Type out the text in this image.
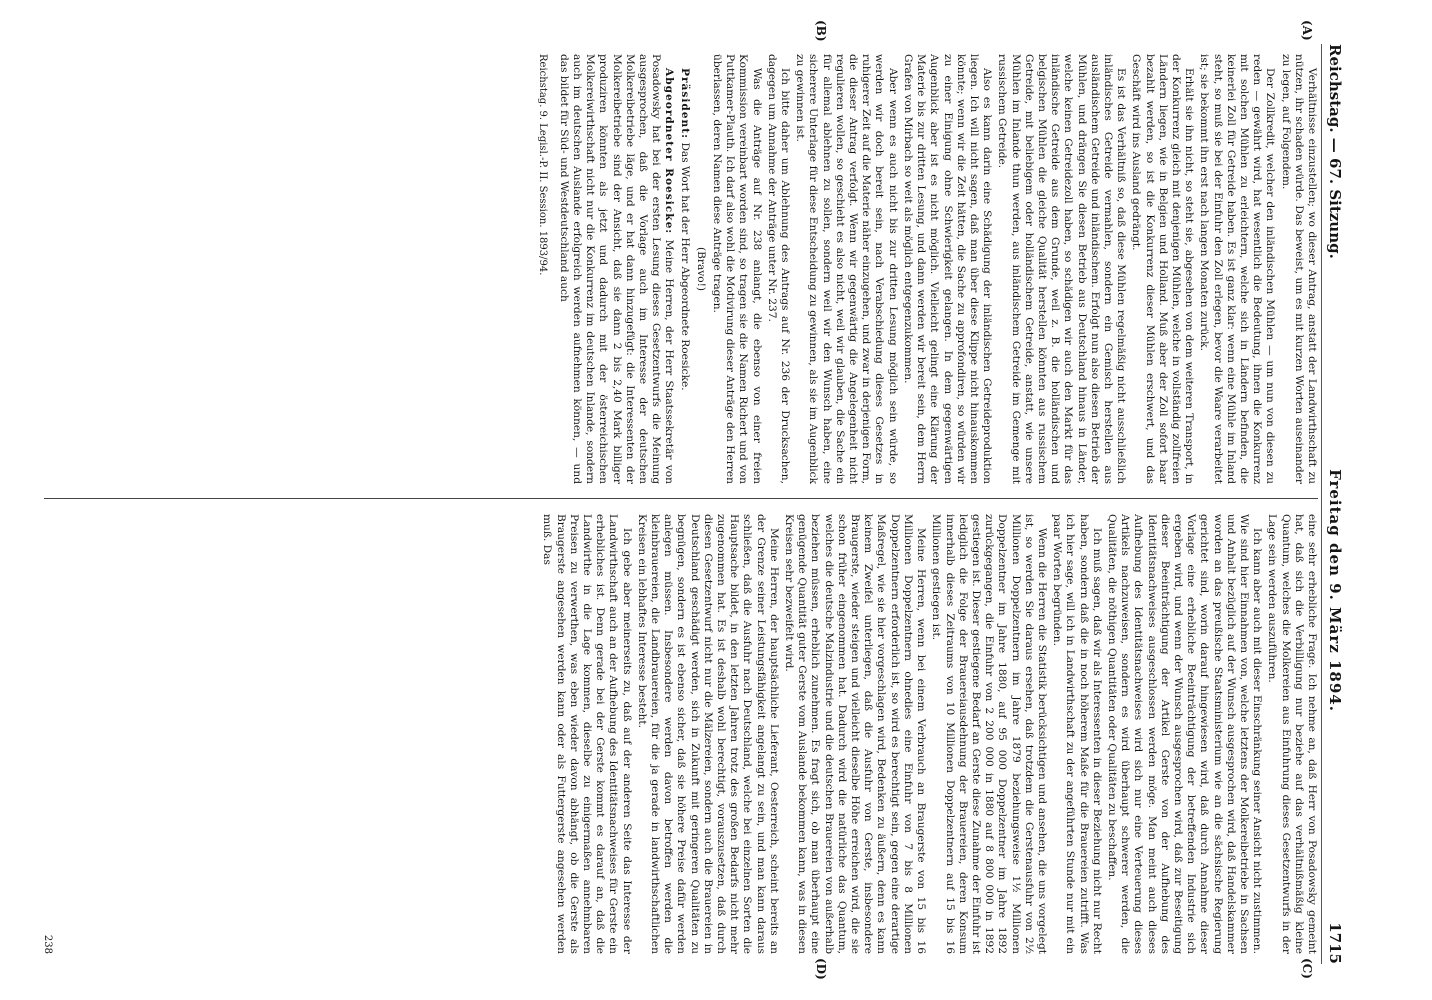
Reichstag. — 67. Sitzung.
Freitag den 9. März 1894.
1715
(A)
(B)
(C)
(D)

Verhältnisse einzustellen; wo dieser Antrag, anstatt der Landwirthschaft zu nützen, ihr schaden würde. Das beweist, um es mit kurzen Worten auseinander zu legen, auf Folgendem.

Der Zollkredit, welcher den inländischen Mühlen — um nun von diesen zu reden — gewährt wird, hat wesentlich die Bedeutung, ihnen die Konkurrenz mit solchen Mühlen zu erleichtern, welche sich in Ländern befinden, die keinerlei Zoll für Getreide haben. Es ist ganz klar: wenn eine Mühle im Inland steht, so muß sie bei der Einfuhr den Zoll erlegen, bevor die Waare verarbeitet ist; sie bekommt ihn erst nach langen Monaten zurück.

Erhält sie ihn nicht, so steht sie, abgesehen von dem weiteren Transport, in der Konkurrenz gleich mit denjenigen Mühlen, welche in vollständig zollfreien Ländern liegen, wie in Belgien und Holland. Muß aber der Zoll sofort baar bezahlt werden, so ist die Konkurrenz dieser Mühlen erschwert, und das Geschäft wird ins Ausland gedrängt.

Es ist das Verhältniß so, daß diese Mühlen regelmäßig nicht ausschließlich inländisches Getreide vermahlen, sondern ein Gemisch herstellen aus ausländischem Getreide und inländischem. Erfolgt nun also diesen Betrieb der Mühlen, und drängen Sie diesen Betrieb aus Deutschland hinaus in Länder, welche keinen Getreidezoll haben, so schädigen wir auch den Markt für das inländische Getreide aus dem Grunde, weil z. B. die holländischen und belgischen Mühlen die gleiche Qualität herstellen könnten aus russischem Getreide, mit beliebigem oder holländischem Getreide, anstatt, wie unsere Mühlen im Inlande thun werden, aus inländischem Getreide im Gemenge mit russischem Getreide.

Also es kann darin eine Schädigung der inländischen Getreideproduktion liegen. Ich will nicht sagen, daß man über diese Klippe nicht hinauskommen könnte; wenn wir die Zeit hätten, die Sache zu approfondiren, so würden wir zu einer Einigung ohne Schwierigkeit gelangen. In dem gegenwärtigen Augenblick aber ist es nicht möglich. Vielleicht gelingt eine Klärung der Materie bis zur dritten Lesung, und dann werden wir bereit sein, dem Herrn Grafen von Mirbach so weit als möglich entgegenzukommen.

Aber wenn es auch nicht bis zur dritten Lesung möglich sein würde, so werden wir doch bereit sein, nach Verabschiedung dieses Gesetzes in ruhigerer Zeit auf die Materie näher einzugehen, und zwar in derjenigen Form, die dieser Antrag verfolgt. Wenn wir gegenwärtig die Angelegenheit nicht regulieren wollen, so geschieht es also nicht, weil wir glauben, die Sache ein für allemal ablehnen zu sollen, sondern weil wir den Wunsch haben, eine sicherere Unterlage für diese Entscheidung zu gewinnen, als sie im Augenblick zu gewinnen ist.

Ich bitte daher um Ablehnung des Antrags auf Nr. 236 der Drucksachen, dagegen um Annahme der Anträge unter Nr. 237.

Was die Anträge auf Nr. 238 anlangt, die ebenso von einer freien Kommission vereinbart worden sind, so tragen sie die Namen Richert und von Puttkamer-Plauth. Ich darf also wohl die Motivirung dieser Anträge den Herren überlassen, deren Namen diese Anträge tragen.

(Bravo!)

Präsident: Das Wort hat der Herr Abgeordnete Roesicke.

Abgeordneter Roesicke: Meine Herren, der Herr Staatssekretär von Posadowsky hat bei der ersten Lesung dieses Gesetzentwurfs die Meinung ausgesprochen, daß die Vorlage auch im Interesse der deutschen Molkereibetriebe läge, und er hat dann hinzugefügt: die Interessenten der Molkereibetriebe sind der Ansicht, daß sie dann 2 bis 2,40 Mark billiger produziren könnten als jetzt und dadurch mit der österreichischen Molkereiwirthschaft nicht nur die Konkurrenz im deutschen Inlande, sondern auch im deutschen Auslande erfolgreich werden aufnehmen können, — und das bildet für Süd- und Westdeutschland auch

Reichstag. 9. Legisl.-P. II. Session. 1893/94.

eine sehr erhebliche Frage. Ich nehme an, daß Herr von Posadowsky gemeint hat, daß sich die Verbilligung nur beziehe auf das verhältnißmäßig kleine Quantum, welches die Molkereien aus Einfuhrung dieses Gesetzentwurfs in der Lage sein werden auszuführen.

Ich kann aber auch mit dieser Einschränkung seiner Ansicht nicht zustimmen. Wie sind hier Einnahmen von, welche letztens der Molkereibetriebe in Sachsen und Anhalt bezüglich auf der Wunsch ausgesprochen wird, daß Handelskammer worden an das preußische Staatsministerium wie an die sächsische Regierung gerichtet sind, worin darauf hingewiesen wird, daß durch Annahme dieser Vorlage eine erhebliche Beeinträchtigung der betreffenden Industrie sich ergeben wird, und wenn der Wunsch ausgesprochen wird, daß zur Beseitigung dieser Beeinträchtigung der Artikel Gerste von der Aufhebung des Identitätsnachweises ausgeschlossen werden möge. Man meint auch dieses Aufhebung des Identitätsnachweises wird sich nur eine Verteuerung dieses Artikels nachzuweisen, sondern es wird überhaupt schwerer werden, die Qualitäten, die nöthigen Quantitäten oder Qualitäten zu beschaffen.

Ich muß sagen, daß wir als Interessenten in dieser Beziehung nicht nur Recht haben, sondern daß die in noch höherem Maße für die Brauereien zutrifft. Was ich hier sage, will ich in Landwirthschaft zu der angeführten Stunde nur mit ein paar Worten begründen.

Wenn die Herren die Statistik berücksichtigen und ansehen, die uns vorgelegt ist, so werden Sie daraus ersehen, daß trotzdem die Gerstenausfuhr von 2½ Millionen Doppelzentnern im Jahre 1879 beziehungsweise 1½ Millionen Doppelzentner im Jahre 1880, auf 95 000 Doppelzentner im Jahre 1892 zurückgegangen, die Einfuhr von 2 200 000 in 1880 auf 8 800 000 in 1892 gestiegen ist. Dieser gestiegene Bedarf an Gerste diese Zunahme der Einfuhr ist lediglich die Folge der Brauereiausdehnung der Brauereien, deren Konsum innerhalb dieses Zeitraums von 10 Millionen Doppelzentnern auf 15 bis 16 Millionen gestiegen ist.

Meine Herren, wenn bei einem Verbrauch an Braugerste von 15 bis 16 Millionen Doppelzentnern ohnedies eine Einfuhr von 7 bis 8 Millionen Doppelzentnern erforderlich ist, so wird es berechtigt sein, gegen eine derartige Maßregel, wie sie hier vorgeschlagen wird, Bedenken zu äußern, denn es kann keinem Zweifel unterliegen, daß die Ausfuhr von Gerste, insbesondere Braugerste, wieder steigen und vielleicht dieselbe Höhe erreichen wird, die sie schon früher eingenommen hat. Dadurch wird die natürliche das Quantum, welches die deutsche Malzindustrie und die deutschen Brauereien von außerhalb beziehen müssen, erheblich zunehmen. Es fragt sich, ob man überhaupt eine genügende Quantität guter Gerste vom Auslande bekommen kann, was in diesen Kreisen sehr bezweifelt wird.

Meine Herren, der hauptsächliche Lieferant, Oesterreich, scheint bereits an der Grenze seiner Leistungsfähigkeit angelangt zu sein, und man kann daraus schließen, daß die Ausfuhr nach Deutschland, welche bei einzelnen Sorten die Hauptsache bildet, in den letzten Jahren trotz des großen Bedarfs nicht mehr zugenommen hat. Es ist deshalb wohl berechtigt, vorauszusetzen, daß durch diesen Gesetzentwurf nicht nur die Mälzereien, sondern auch die Brauereien in Deutschland geschädigt werden, sich in Zukunft mit geringeren Qualitäten zu begnügen, sondern es ist ebenso sicher, daß sie höhere Preise dafür werden anlegen müssen. Insbesondere werden davon betroffen werden die kleinbrauereien, die Landbrauereien, für die ja gerade in landwirthschaftlichen Kreisen ein lebhaftes Interesse besteht.

Ich gebe aber meinerseits zu, daß auf der anderen Seite das Interesse der Landwirthschaft auch an der Aufhebung des Identitätsnachweises für Gerste ein erhebliches ist. Denn gerade bei der Gerste kommt es darauf an, daß die Landwirthe in die Lage kommen, dieselbe zu einigermaßen annehmbaren Preisen zu verwerthen, was eben wieder davon abhängt, ob die Gerste als Braugerste angesehen werden kann oder als Futtergerste angesehen werden muß. Das

238
